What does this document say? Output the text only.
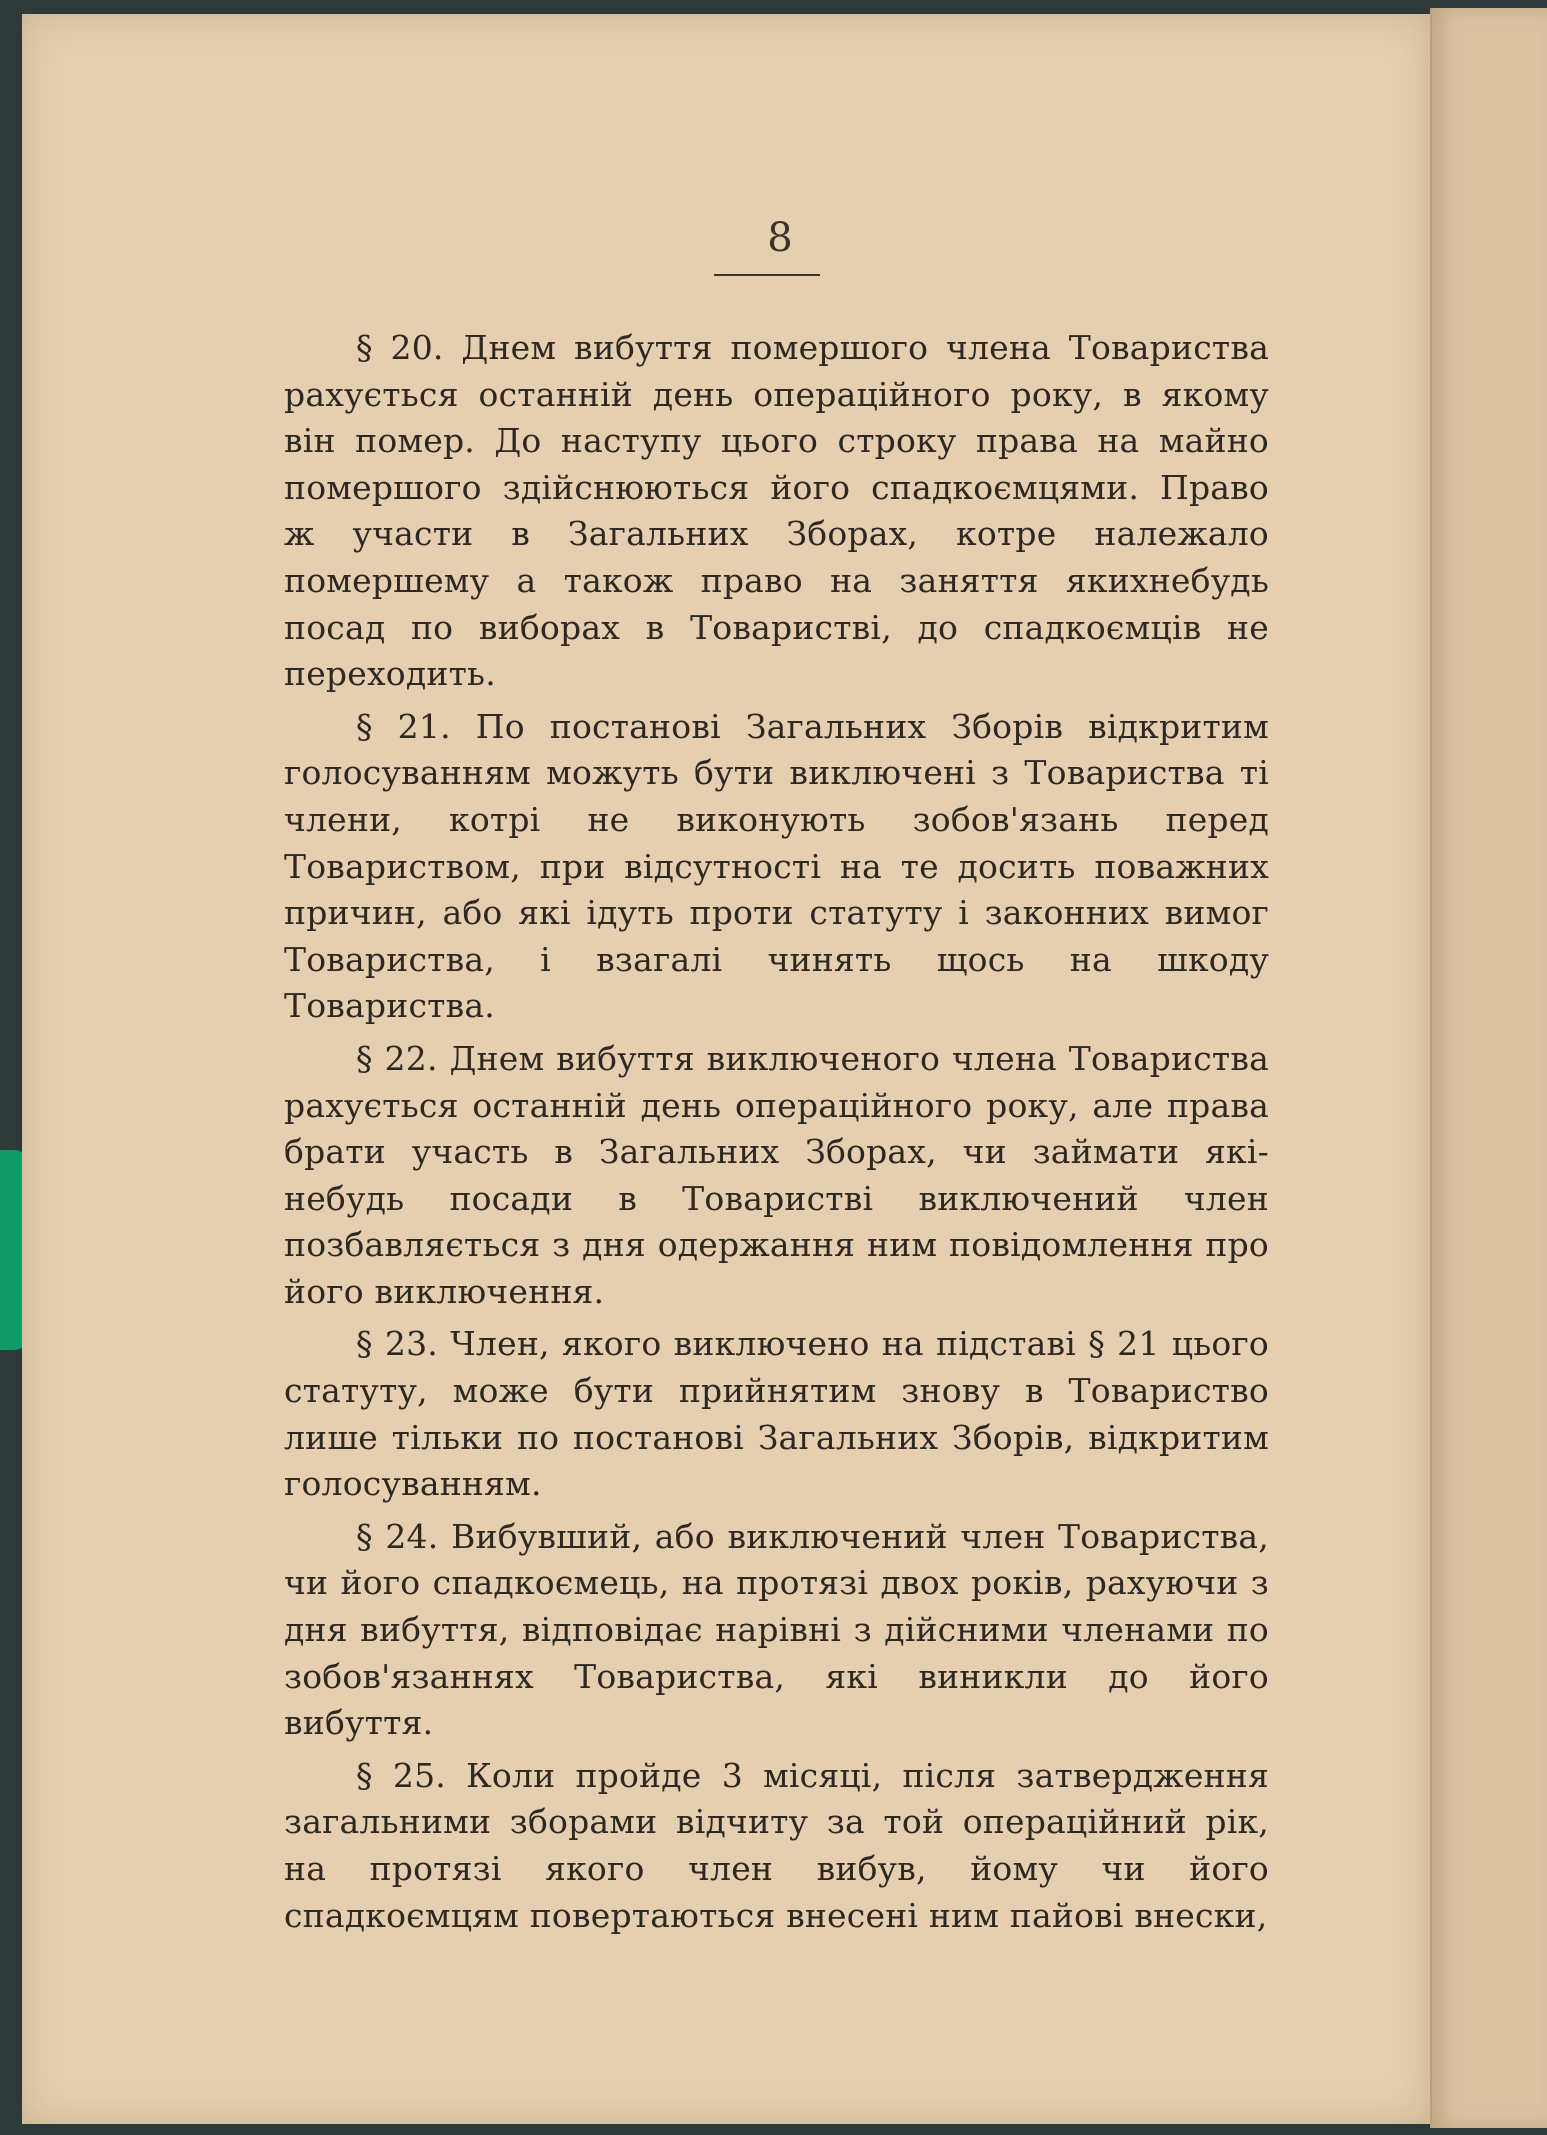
8

§ 20. Днем вибуття помершого члена Товариства рахується останній день операційного року, в якому він помер. До наступу цього строку права на майно помершого здійснюються його спадкоємцями. Право ж участи в Загальних Зборах, котре належало помершему а також право на заняття якихнебудь посад по виборах в Товаристві, до спадкоємців не переходить.

§ 21. По постанові Загальних Зборів відкритим голосуванням можуть бути виключені з Товариства ті члени, котрі не виконують зобов'язань перед Товариством, при відсутності на те досить поважних причин, або які ідуть проти статуту і законних вимог Товариства, і взагалі чинять щось на шкоду Товариства.

§ 22. Днем вибуття виключеного члена Товариства рахується останній день операційного року, але права брати участь в Загальних Зборах, чи займати які-небудь посади в Товаристві виключений член позбавляється з дня одержання ним повідомлення про його виключення.

§ 23. Член, якого виключено на підставі § 21 цього статуту, може бути прийнятим знову в Товариство лише тільки по постанові Загальних Зборів, відкритим голосуванням.

§ 24. Вибувший, або виключений член Товариства, чи його спадкоємець, на протязі двох років, рахуючи з дня вибуття, відповідає нарівні з дійсними членами по зобов'язаннях Товариства, які виникли до його вибуття.

§ 25. Коли пройде 3 місяці, після затвердження загальними зборами відчиту за той операційний рік, на протязі якого член вибув, йому чи його спадкоємцям повертаються внесені ним пайові внески,
